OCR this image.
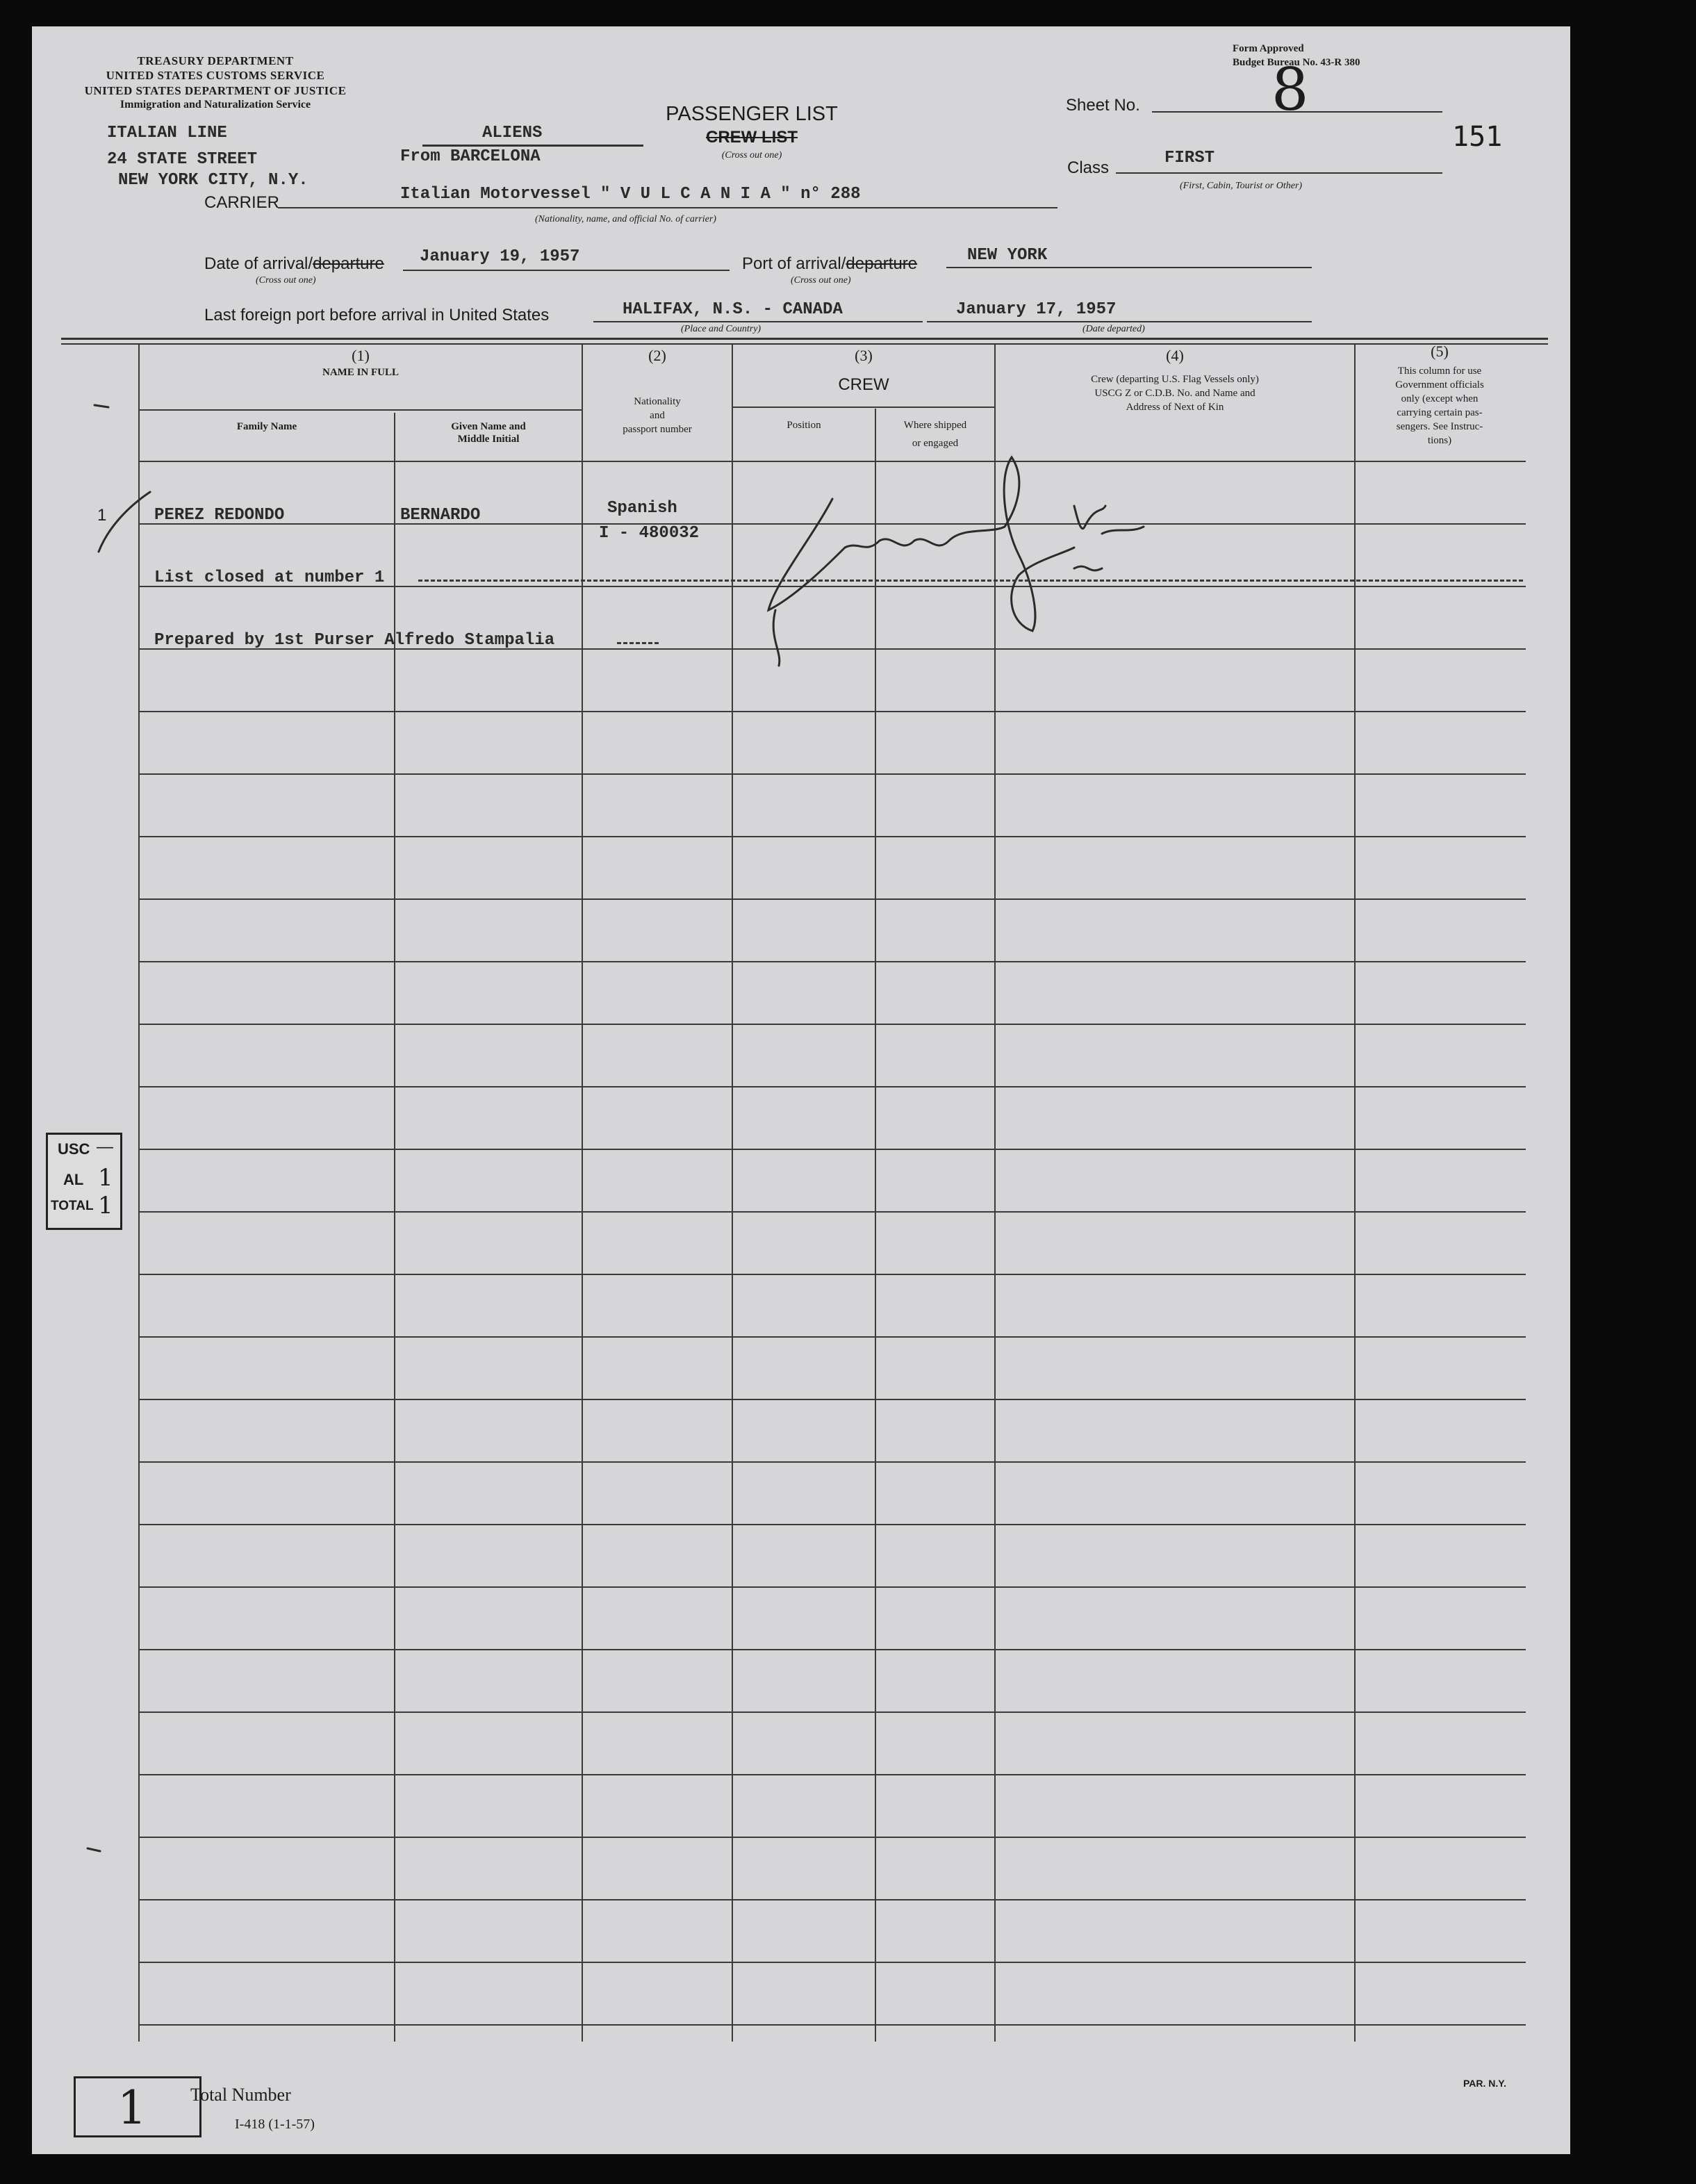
TREASURY DEPARTMENT
UNITED STATES CUSTOMS SERVICE
UNITED STATES DEPARTMENT OF JUSTICE
Immigration and Naturalization Service
Form Approved
Budget Bureau No. 43-R 380
ITALIAN LINE
24 STATE STREET
NEW YORK CITY, N.Y.
CARRIER
ALIENS
From BARCELONA
PASSENGER LIST
CREW LIST
(Cross out one)
Sheet No. 8
151
Class
FIRST
(First, Cabin, Tourist or Other)
Italian Motorvessel " V U L C A N I A " n° 288
(Nationality, name, and official No. of carrier)
Date of arrival/departure January 19, 1957
(Cross out one)
Port of arrival/departure	NEW YORK
(Cross out one)
Last foreign port before arrival in United States	HALIFAX, N.S. - CANADA
(Place and Country)
January 17, 1957
(Date departed)
(1)
NAME IN FULL
Family Name	Given Name and
Middle Initial
(2)
Nationality
and
passport number
(3)
CREW
Position	Where shipped
or engaged
(4)
Crew (departing U.S. Flag Vessels only)
USCG Z or C.D.B. No. and Name and
Address of Next of Kin
(5)
This column for use
Government officials
only (except when
carrying certain pas-
sengers. See Instruc-
tions)
1	PEREZ REDONDO	BERNARDO	Spanish
I - 480032
List closed at number 1
Prepared by 1st Purser Alfredo Stampalia
USC —
AL 1
TOTAL 1
1 Total Number
I-418 (1-1-57)
PAR. N.Y.
